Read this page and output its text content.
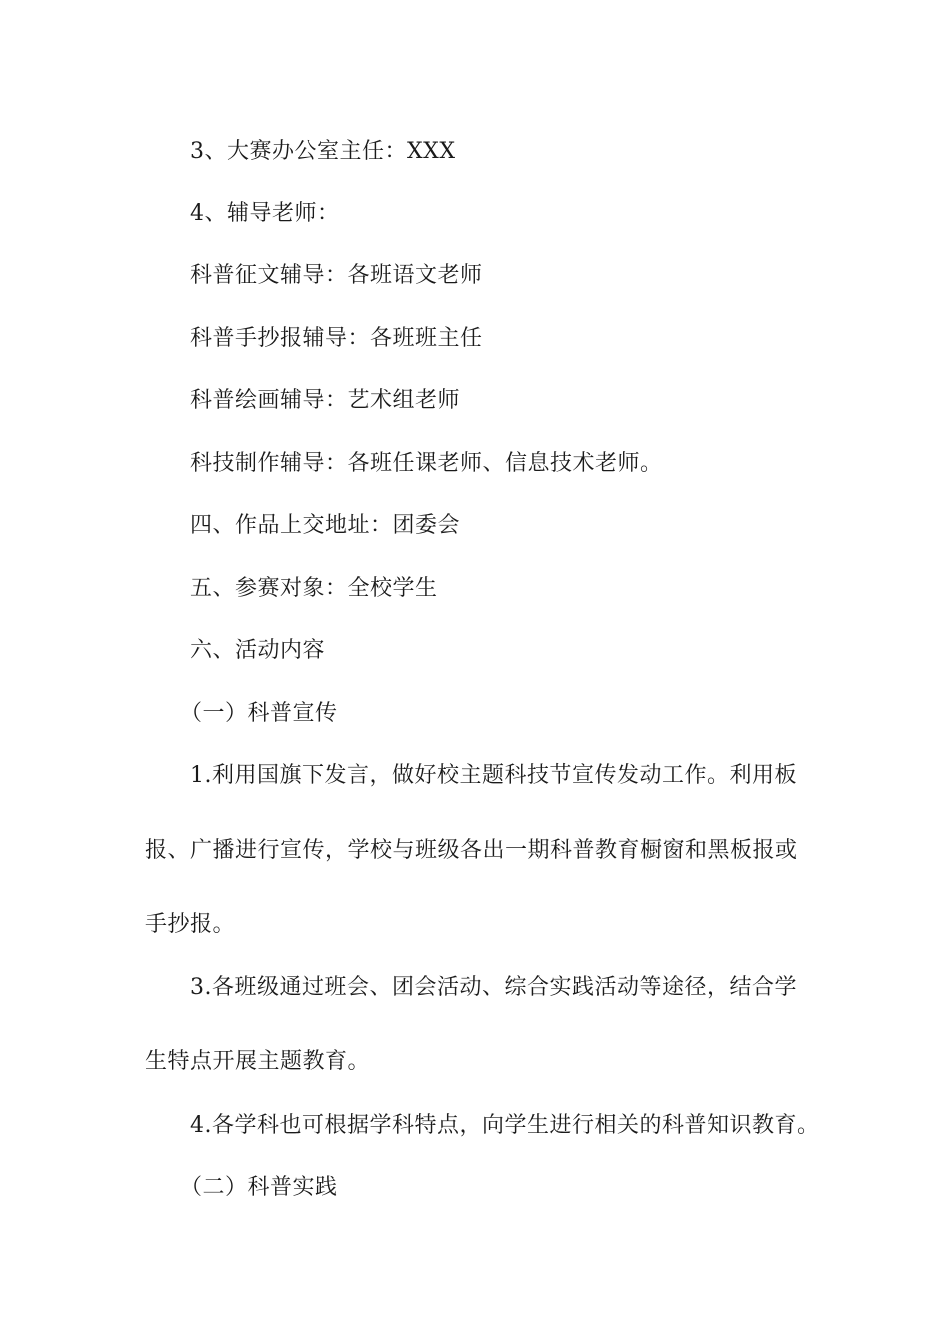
3、大赛办公室主任：XXX
4、辅导老师：
科普征文辅导：各班语文老师
科普手抄报辅导：各班班主任
科普绘画辅导：艺术组老师
科技制作辅导：各班任课老师、信息技术老师。
四、作品上交地址：团委会
五、参赛对象：全校学生
六、活动内容
（一）科普宣传
1.利用国旗下发言，做好校主题科技节宣传发动工作。利用板
报、广播进行宣传，学校与班级各出一期科普教育橱窗和黑板报或
手抄报。
3.各班级通过班会、团会活动、综合实践活动等途径，结合学
生特点开展主题教育。
4.各学科也可根据学科特点，向学生进行相关的科普知识教育。
（二）科普实践
